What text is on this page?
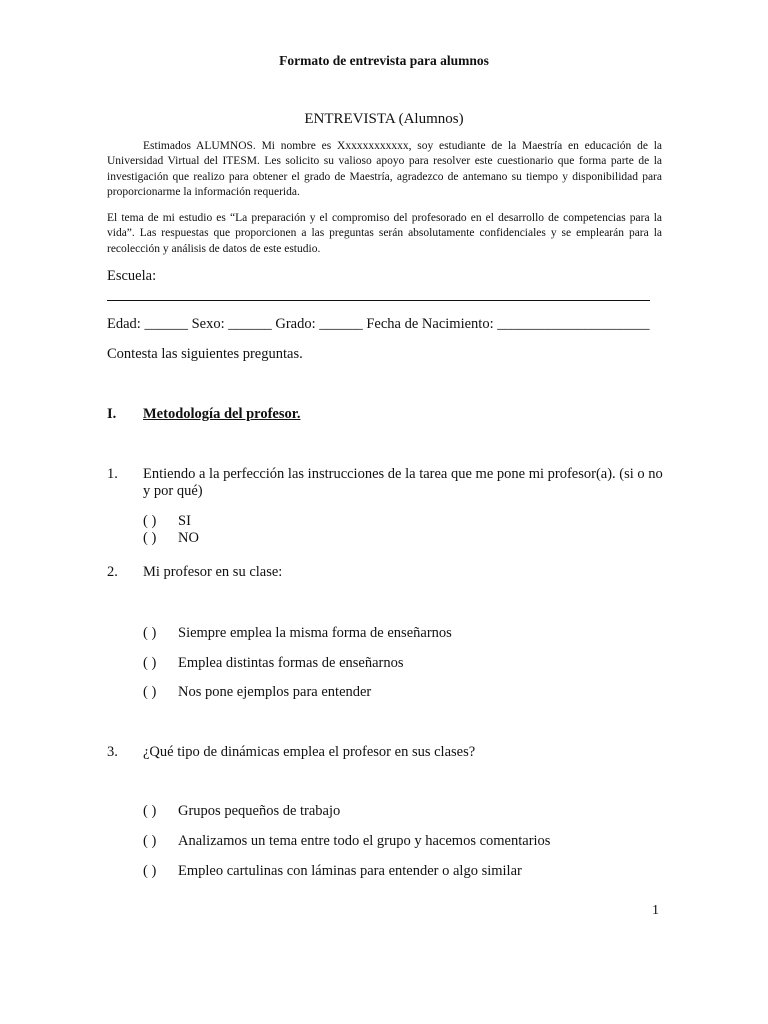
Formato de entrevista para alumnos
ENTREVISTA (Alumnos)
Estimados ALUMNOS. Mi nombre es Xxxxxxxxxxxx, soy estudiante de la Maestría en educación de la Universidad Virtual del ITESM. Les solicito su valioso apoyo para resolver este cuestionario que forma parte de la investigación que realizo para obtener el grado de Maestría, agradezco de antemano su tiempo y disponibilidad para proporcionarme la información requerida.
El tema de mi estudio es “La preparación y el compromiso del profesorado en el desarrollo de competencias para la vida”. Las respuestas que proporcionen a las preguntas serán absolutamente confidenciales y se emplearán para la recolección y análisis de datos de este estudio.
Escuela:
Edad: ______ Sexo: ______ Grado: ______ Fecha de Nacimiento: _____________________
Contesta las siguientes preguntas.
I. Metodología del profesor.
1. Entiendo a la perfección las instrucciones de la tarea que me pone mi profesor(a). (si o no y por qué)
( ) SI
( ) NO
2. Mi profesor en su clase:
( ) Siempre emplea la misma forma de enseñarnos
( ) Emplea distintas formas de enseñarnos
( ) Nos pone ejemplos para entender
3. ¿Qué tipo de dinámicas emplea el profesor en sus clases?
( ) Grupos pequeños de trabajo
( ) Analizamos un tema entre todo el grupo y hacemos comentarios
( ) Empleo cartulinas con láminas para entender o algo similar
1
